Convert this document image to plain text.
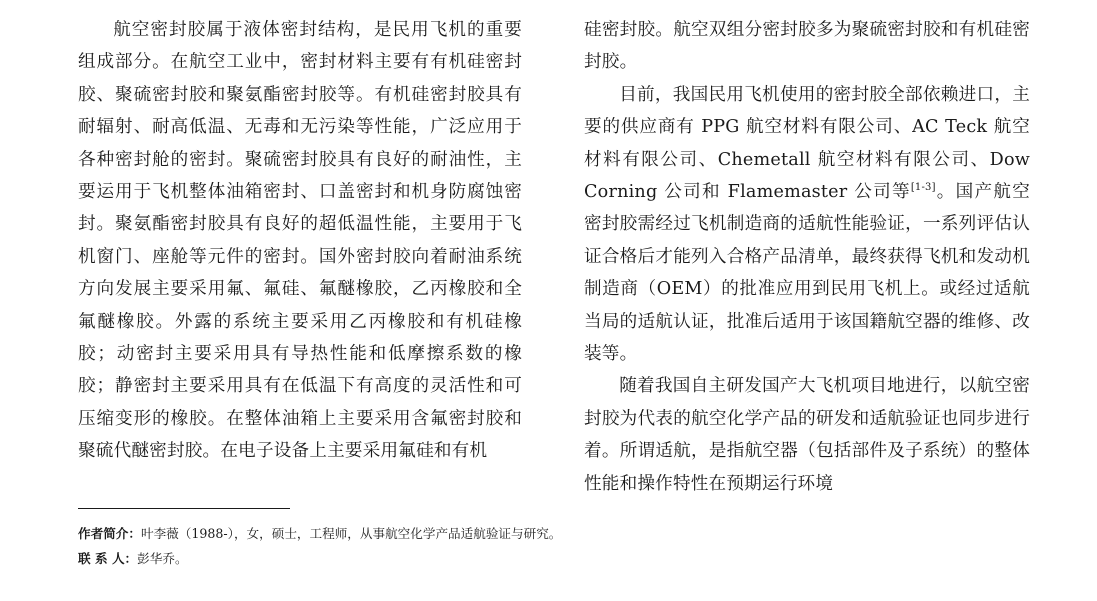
航空密封胶属于液体密封结构，是民用飞机的重要组成部分。在航空工业中，密封材料主要有有机硅密封胶、聚硫密封胶和聚氨酯密封胶等。有机硅密封胶具有耐辐射、耐高低温、无毒和无污染等性能，广泛应用于各种密封舱的密封。聚硫密封胶具有良好的耐油性，主要运用于飞机整体油箱密封、口盖密封和机身防腐蚀密封。聚氨酯密封胶具有良好的超低温性能，主要用于飞机窗门、座舱等元件的密封。国外密封胶向着耐油系统方向发展主要采用氟、氟硅、氟醚橡胶，乙丙橡胶和全氟醚橡胶。外露的系统主要采用乙丙橡胶和有机硅橡胶；动密封主要采用具有导热性能和低摩擦系数的橡胶；静密封主要采用具有在低温下有高度的灵活性和可压缩变形的橡胶。在整体油箱上主要采用含氟密封胶和聚硫代醚密封胶。在电子设备上主要采用氟硅和有机

硅密封胶。航空双组分密封胶多为聚硫密封胶和有机硅密封胶。

目前，我国民用飞机使用的密封胶全部依赖进口，主要的供应商有 PPG 航空材料有限公司、AC Teck 航空材料有限公司、Chemetall 航空材料有限公司、Dow Corning 公司和 Flamemaster 公司等[1-3]。国产航空密封胶需经过飞机制造商的适航性能验证，一系列评估认证合格后才能列入合格产品清单，最终获得飞机和发动机制造商（OEM）的批准应用到民用飞机上。或经过适航当局的适航认证，批准后适用于该国籍航空器的维修、改装等。

随着我国自主研发国产大飞机项目地进行，以航空密封胶为代表的航空化学产品的研发和适航验证也同步进行着。所谓适航，是指航空器（包括部件及子系统）的整体性能和操作特性在预期运行环境

作者简介：叶李薇（1988-），女，硕士，工程师，从事航空化学产品适航验证与研究。

联 系 人：彭华乔。
